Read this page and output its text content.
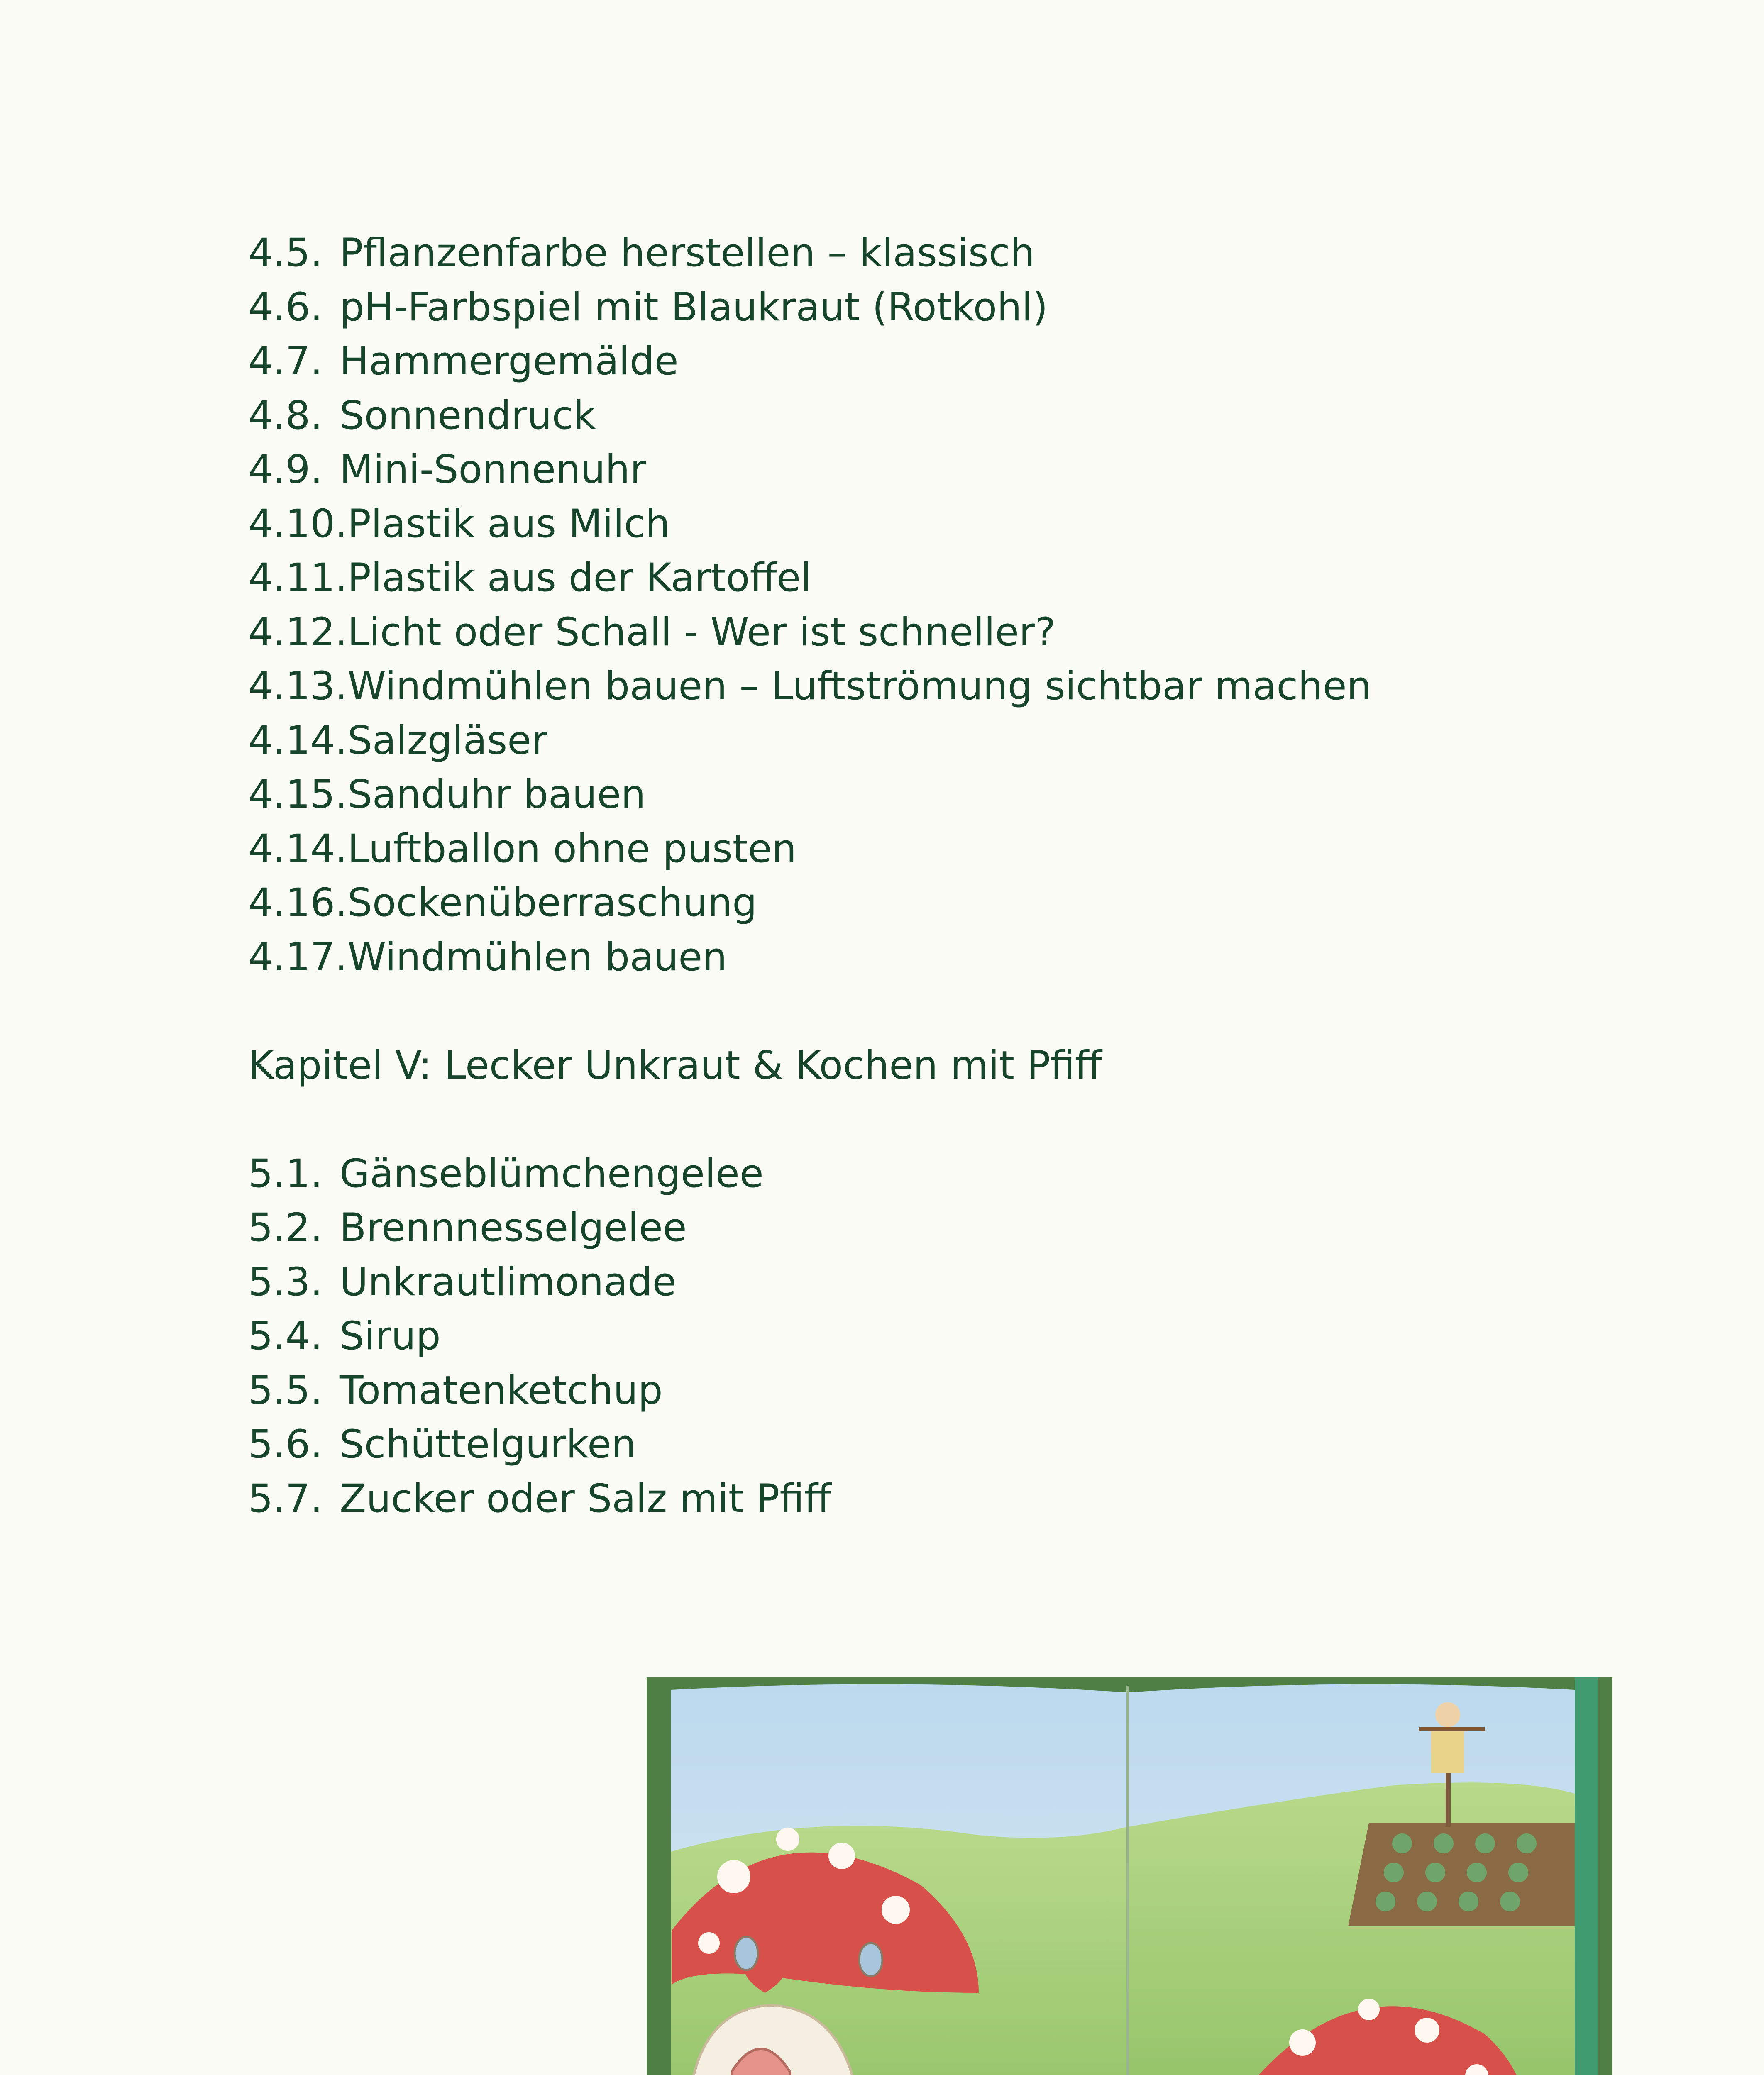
4.5. Pflanzenfarbe herstellen – klassisch
4.6. pH-Farbspiel mit Blaukraut (Rotkohl)
4.7. Hammergemälde
4.8. Sonnendruck
4.9. Mini-Sonnenuhr
4.10.Plastik aus Milch
4.11.Plastik aus der Kartoffel
4.12.Licht oder Schall - Wer ist schneller?
4.13.Windmühlen bauen – Luftströmung sichtbar machen
4.14.Salzgläser
4.15.Sanduhr bauen
4.14.Luftballon ohne pusten
4.16.Sockenüberraschung
4.17.Windmühlen bauen
Kapitel V: Lecker Unkraut & Kochen mit Pfiff
5.1. Gänseblümchengelee
5.2. Brennnesselgelee
5.3. Unkrautlimonade
5.4. Sirup
5.5. Tomatenketchup
5.6. Schüttelgurken
5.7. Zucker oder Salz mit Pfiff
